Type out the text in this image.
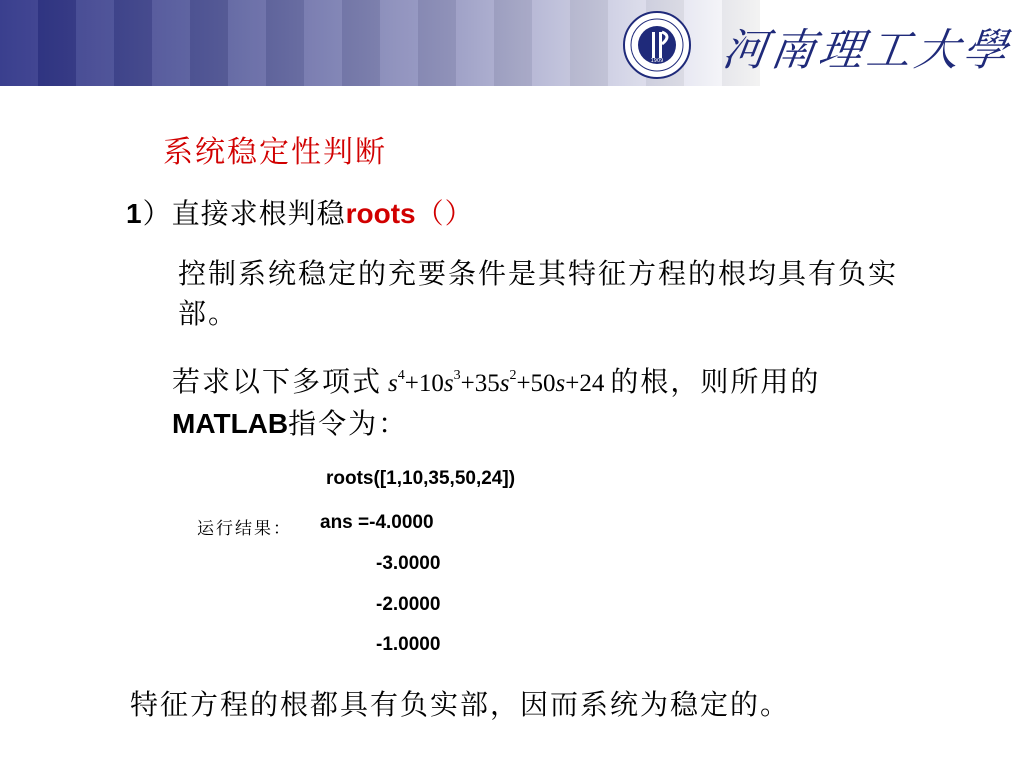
1909 河南理工大學
系统稳定性判断
1）直接求根判稳roots（）
控制系统稳定的充要条件是其特征方程的根均具有负实部。
若求以下多项式 $s^4+10s^3+35s^2+50s+24$ 的根，则所用的MATLAB指令为：
roots([1,10,35,50,24])
运行结果： ans =-4.0000
-3.0000
-2.0000
-1.0000
特征方程的根都具有负实部，因而系统为稳定的。
